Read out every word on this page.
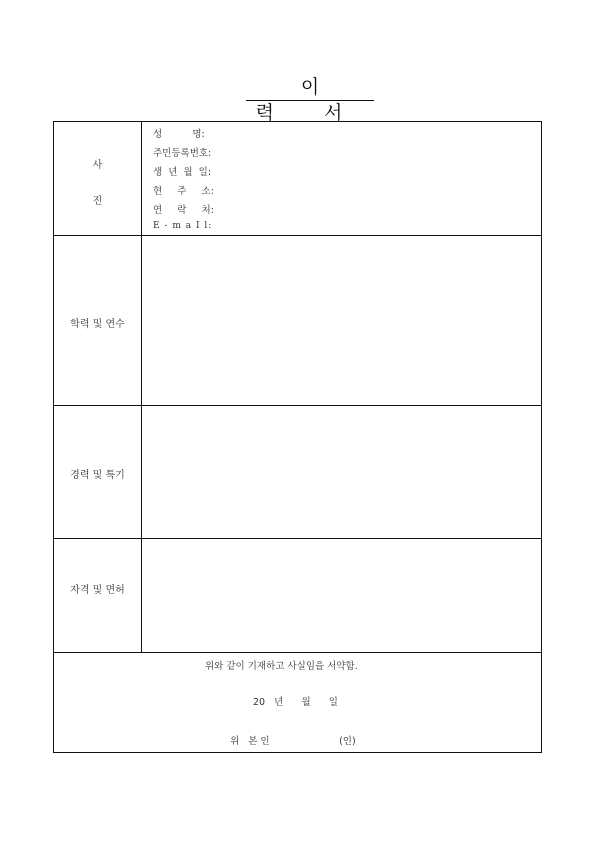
이 력 서
사
진
성          명:
주민등록번호:
생  년  월  일:
현     주     소:
연     락     처:
E - m a I l:
학력 및 연수
경력 및 특기
자격 및 면허
위와 같이 기재하고 사실임을 서약함.
20   년      월      일
위   본 인                       (인)
